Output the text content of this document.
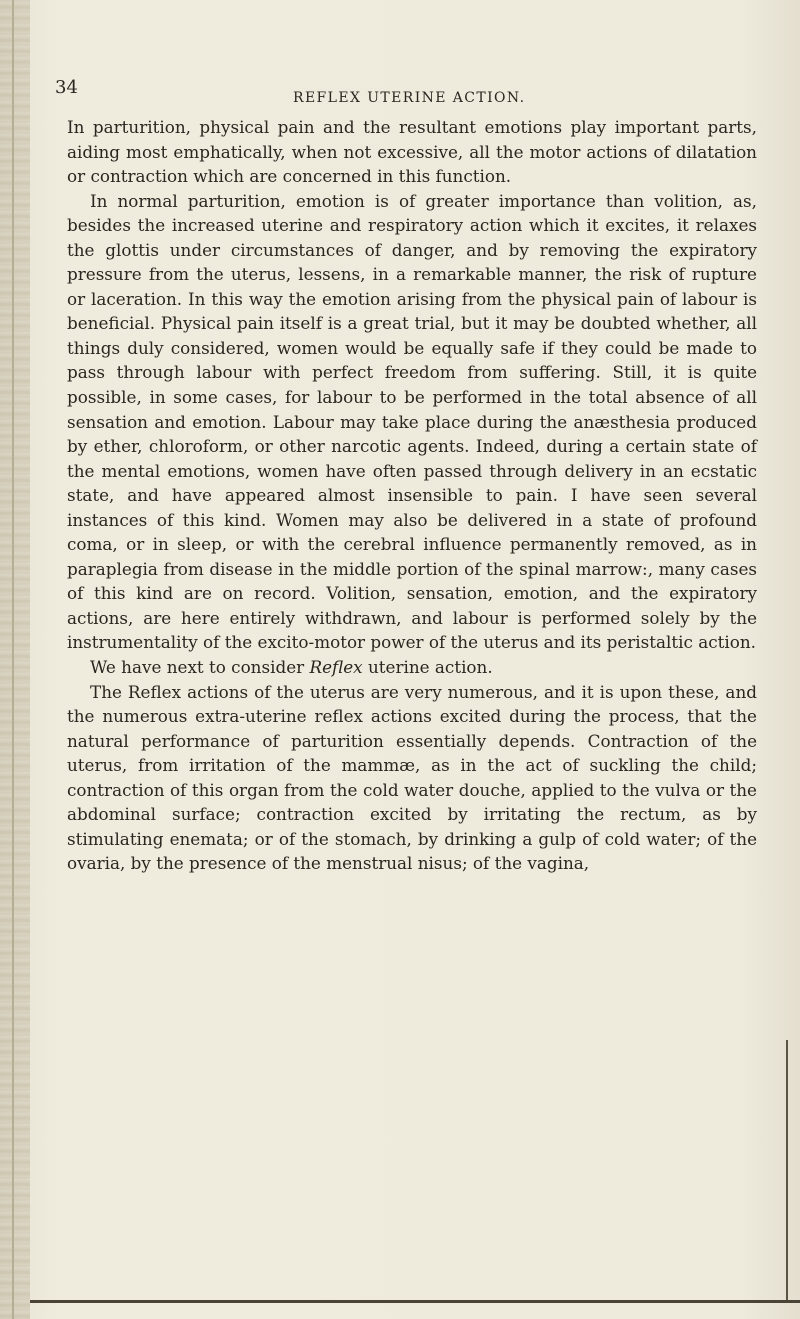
34	REFLEX UTERINE ACTION.

In parturition, physical pain and the resultant emotions play important parts, aiding most emphatically, when not excessive, all the motor actions of dilatation or contraction which are concerned in this function.

In normal parturition, emotion is of greater importance than volition, as, besides the increased uterine and respiratory action which it excites, it relaxes the glottis under circumstances of danger, and by removing the expiratory pressure from the uterus, lessens, in a remarkable manner, the risk of rupture or laceration. In this way the emotion arising from the physical pain of labour is beneficial. Physical pain itself is a great trial, but it may be doubted whether, all things duly considered, women would be equally safe if they could be made to pass through labour with perfect freedom from suffering. Still, it is quite possible, in some cases, for labour to be performed in the total absence of all sensation and emotion. Labour may take place during the anæsthesia produced by ether, chloroform, or other narcotic agents. Indeed, during a certain state of the mental emotions, women have often passed through delivery in an ecstatic state, and have appeared almost insensible to pain. I have seen several instances of this kind. Women may also be delivered in a state of profound coma, or in sleep, or with the cerebral influence permanently removed, as in paraplegia from disease in the middle portion of the spinal marrow:, many cases of this kind are on record. Volition, sensation, emotion, and the expiratory actions, are here entirely withdrawn, and labour is performed solely by the instrumentality of the excito-motor power of the uterus and its peristaltic action.

We have next to consider Reflex uterine action.

The Reflex actions of the uterus are very numerous, and it is upon these, and the numerous extra-uterine reflex actions excited during the process, that the natural performance of parturition essentially depends. Contraction of the uterus, from irritation of the mammæ, as in the act of suckling the child; contraction of this organ from the cold water douche, applied to the vulva or the abdominal surface; contraction excited by irritating the rectum, as by stimulating enemata; or of the stomach, by drinking a gulp of cold water; of the ovaria, by the presence of the menstrual nisus; of the vagina,
